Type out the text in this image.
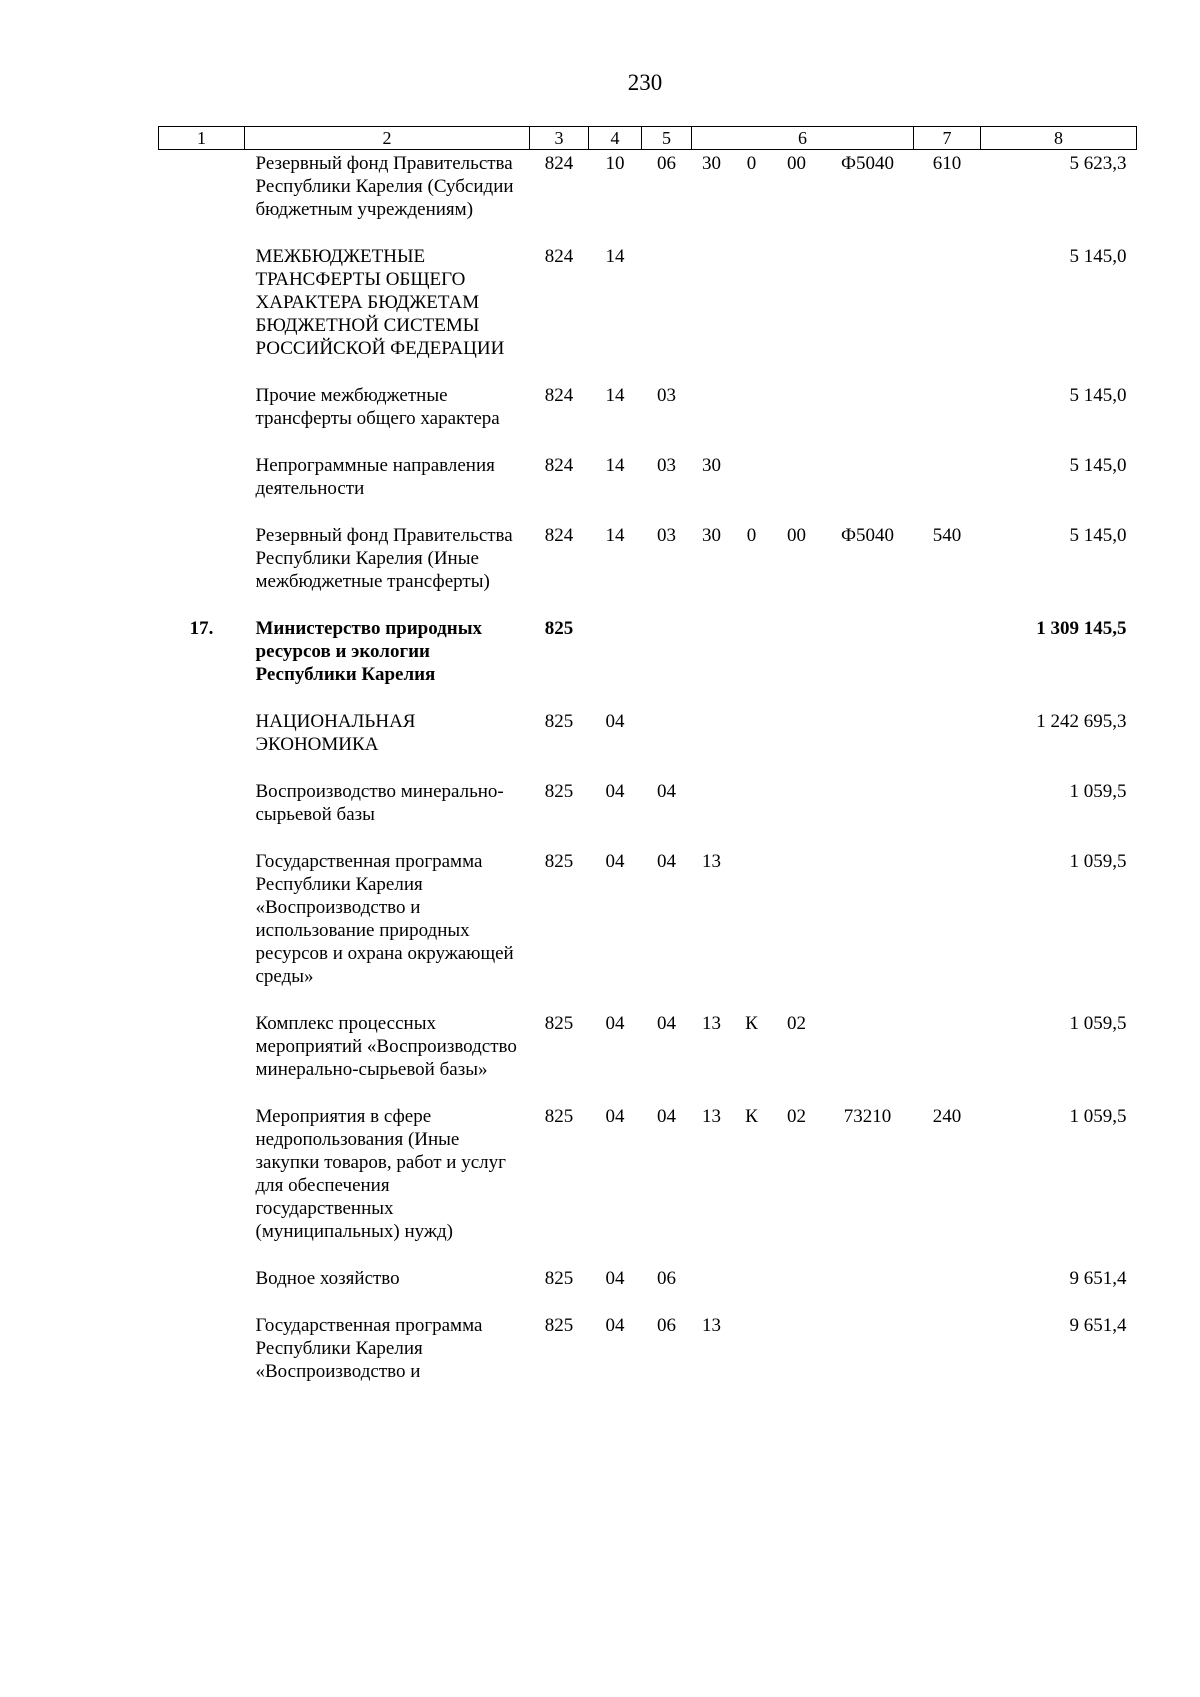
230
1	2	3	4	5	6				7	8
	Резервный фонд Правительства Республики Карелия (Субсидии бюджетным учреждениям)	824	10	06	30	0	00	Ф5040	610	5 623,3
	МЕЖБЮДЖЕТНЫЕ ТРАНСФЕРТЫ ОБЩЕГО ХАРАКТЕРА БЮДЖЕТАМ БЮДЖЕТНОЙ СИСТЕМЫ РОССИЙСКОЙ ФЕДЕРАЦИИ	824	14							5 145,0
	Прочие межбюджетные трансферты общего характера	824	14	03						5 145,0
	Непрограммные направления деятельности	824	14	03	30					5 145,0
	Резервный фонд Правительства Республики Карелия (Иные межбюджетные трансферты)	824	14	03	30	0	00	Ф5040	540	5 145,0
17.	Министерство природных ресурсов и экологии Республики Карелия	825								1 309 145,5
	НАЦИОНАЛЬНАЯ ЭКОНОМИКА	825	04							1 242 695,3
	Воспроизводство минерально-сырьевой базы	825	04	04						1 059,5
	Государственная программа Республики Карелия «Воспроизводство и использование природных ресурсов и охрана окружающей среды»	825	04	04	13					1 059,5
	Комплекс процессных мероприятий «Воспроизводство минерально-сырьевой базы»	825	04	04	13	К	02			1 059,5
	Мероприятия в сфере недропользования (Иные закупки товаров, работ и услуг для обеспечения государственных (муниципальных) нужд)	825	04	04	13	К	02	73210	240	1 059,5
	Водное хозяйство	825	04	06						9 651,4
	Государственная программа Республики Карелия «Воспроизводство и	825	04	06	13					9 651,4
